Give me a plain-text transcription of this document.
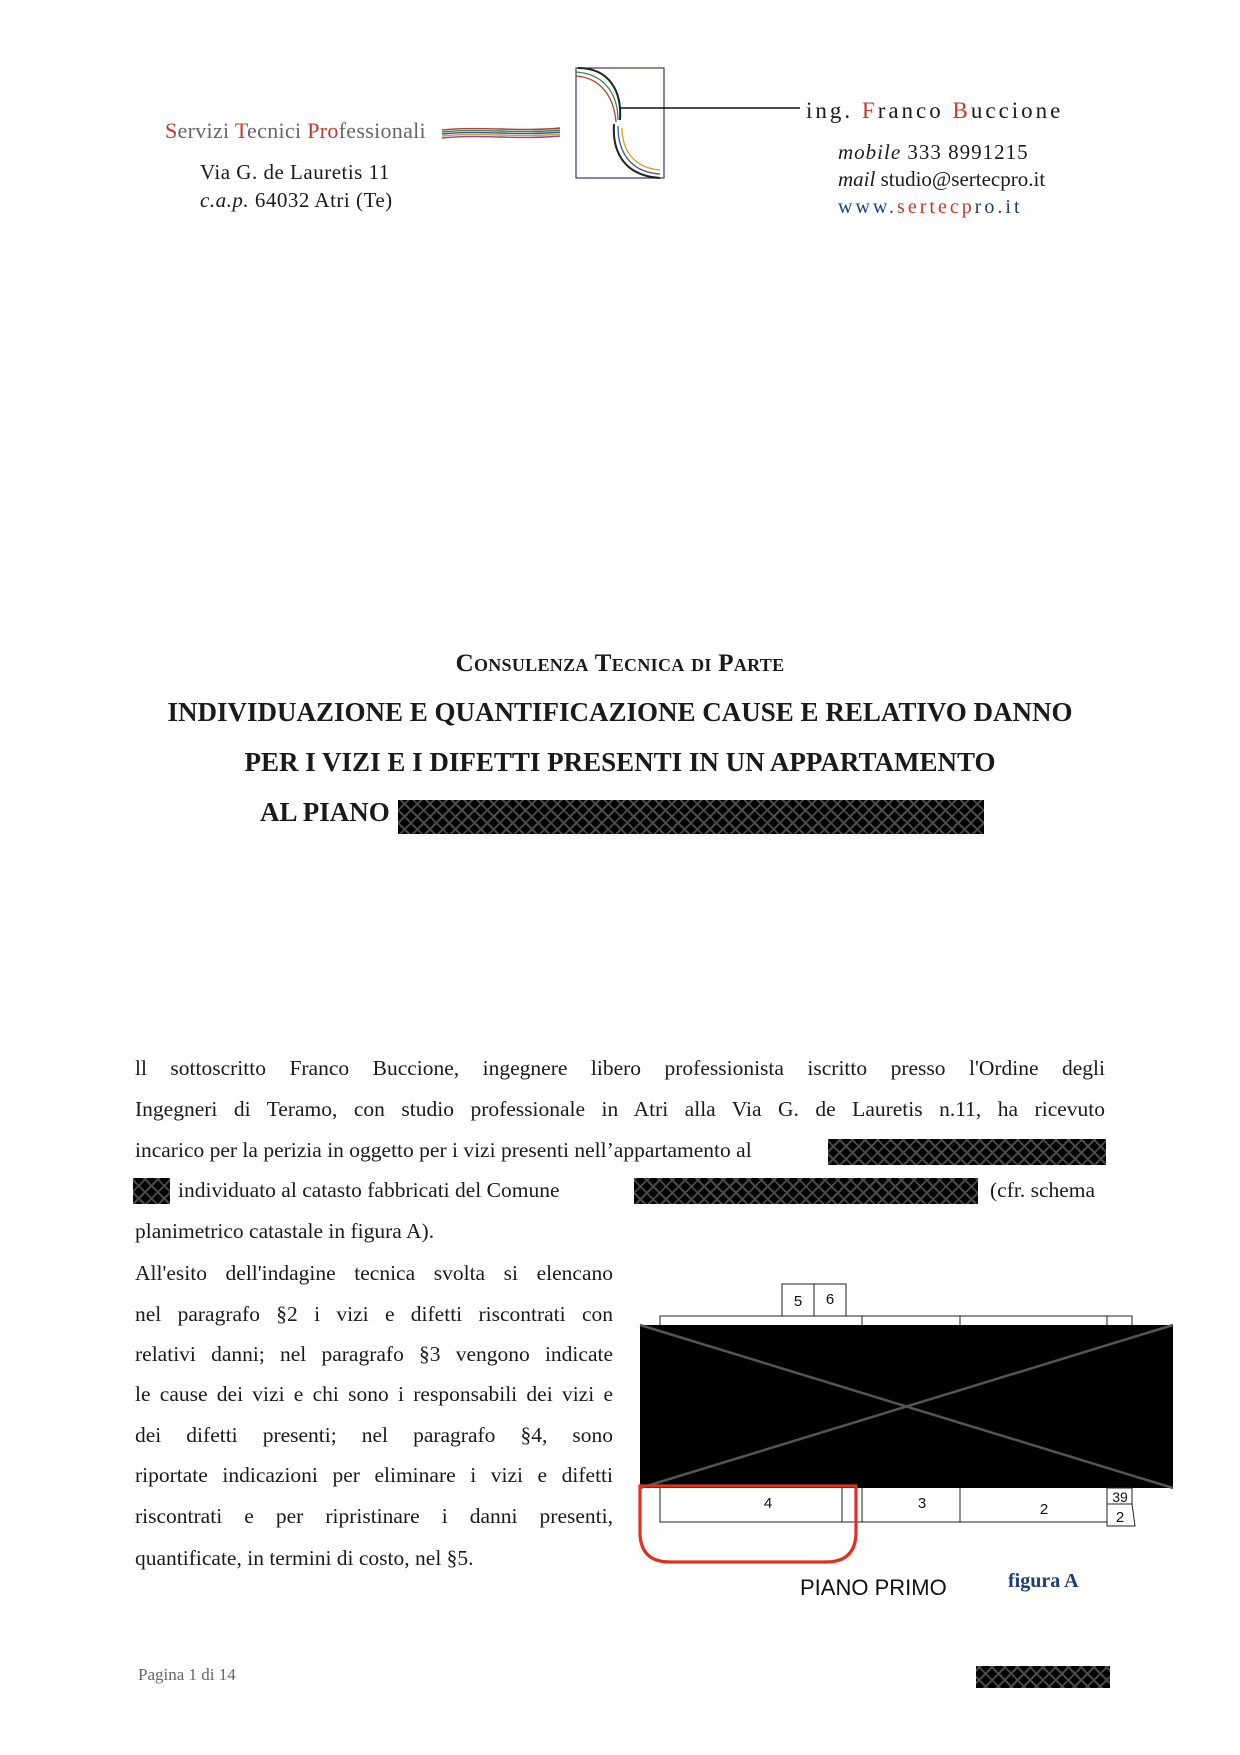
Servizi Tecnici Professionali
Via G. de Lauretis 11
c.a.p. 64032 Atri (Te)
ing. Franco Buccione
mobile 333 8991215
mail studio@sertecpro.it
www.sertecpro.it
Consulenza Tecnica di Parte
INDIVIDUAZIONE E QUANTIFICAZIONE CAUSE E RELATIVO DANNO
PER I VIZI E I DIFETTI PRESENTI IN UN APPARTAMENTO
AL PIANO
ll sottoscritto Franco Buccione, ingegnere libero professionista iscritto presso l'Ordine degli
Ingegneri di Teramo, con studio professionale in Atri alla Via G. de Lauretis n.11, ha ricevuto
incarico per la perizia in oggetto per i vizi presenti nell’appartamento al
individuato al catasto fabbricati del Comune	(cfr. schema
planimetrico catastale in figura A).
All'esito dell'indagine tecnica svolta si elencano
nel paragrafo §2 i vizi e difetti riscontrati con
relativi danni; nel paragrafo §3 vengono indicate
le cause dei vizi e chi sono i responsabili dei vizi e
dei difetti presenti; nel paragrafo §4, sono
riportate indicazioni per eliminare i vizi e difetti
riscontrati e per ripristinare i danni presenti,
quantificate, in termini di costo, nel §5.
5 6
39
2
4	3	2
PIANO PRIMO	figura A
Pagina 1 di 14
